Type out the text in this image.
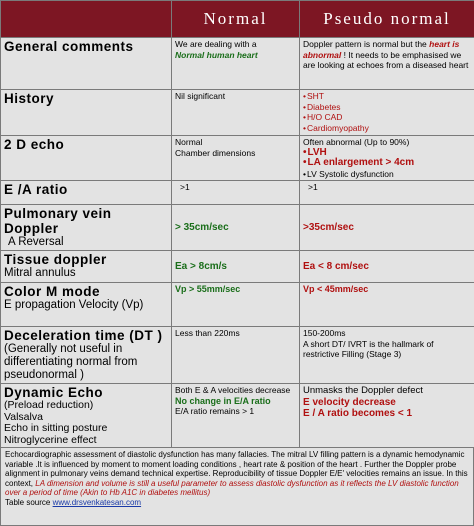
	Normal	Pseudo normal

General comments	We are dealing with a
Normal human heart	Doppler pattern is normal but the heart is abnormal ! It needs to be emphasised we are looking at echoes from a diseased heart

History	Nil significant	• SHT
• Diabetes
• H/O CAD
• Cardiomyopathy

2 D echo	Normal
Chamber dimensions	Often abnormal (Up to 90%)
• LVH
• LA enlargement > 4cm
• LV Systolic dysfunction

E /A ratio	>1	>1

Pulmonary vein Doppler
A Reversal	> 35cm/sec	>35cm/sec

Tissue doppler
Mitral annulus	Ea > 8cm/s	Ea < 8 cm/sec

Color M mode
E propagation Velocity (Vp)	Vp > 55mm/sec	Vp < 45mm/sec

Deceleration time (DT )
(Generally not useful in differentiating normal from pseudonormal )	Less than 220ms	150-200ms
A short DT/ IVRT is the hallmark of restrictive Filling (Stage 3)

Dynamic Echo
(Preload reduction)
Valsalva
Echo in sitting posture
Nitroglycerine effect	Both E & A velocities decrease
No change in E/A ratio
E/A ratio remains > 1	Unmasks the Doppler defect
E velocity decrease
E / A ratio becomes < 1
Echocardiographic assessment of diastolic dysfunction has many fallacies. The mitral LV filling pattern is a dynamic hemodynamic variable .It is influenced by moment to moment loading conditions , heart rate & position of the heart . Further the Doppler probe alignment in pulmonary veins demand technical expertise. Reproducibility of tissue Doppler E/E' velocities remains an issue. In this context, LA dimension and volume is still a useful parameter to assess diastolic dysfunction as it reflects the LV diastolic function over a period of time (Akin to Hb A1C in diabetes mellitus)
Table source www.drsvenkatesan.com
